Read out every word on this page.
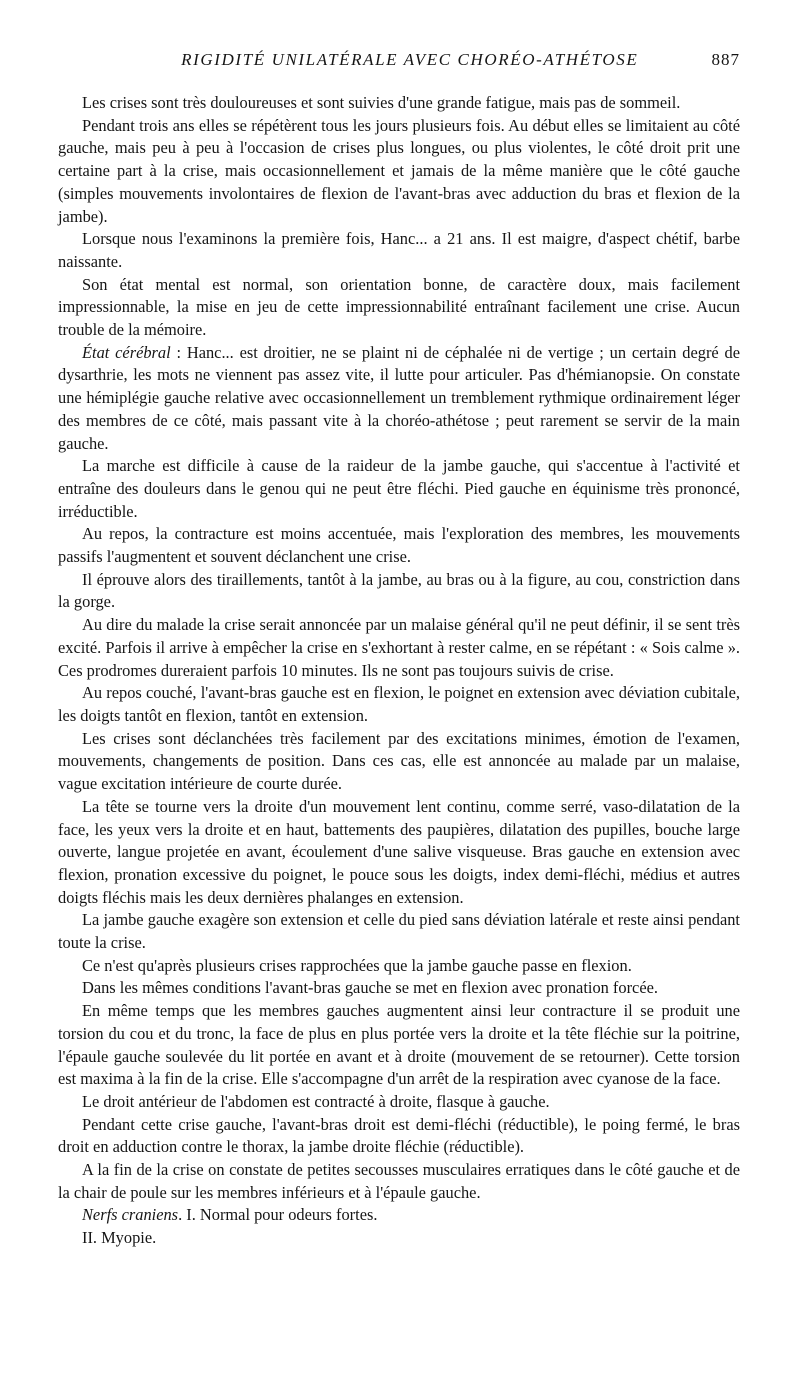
RIGIDITÉ UNILATÉRALE AVEC CHORÉO-ATHÉTOSE	887

Les crises sont très douloureuses et sont suivies d'une grande fatigue, mais pas de sommeil.

Pendant trois ans elles se répétèrent tous les jours plusieurs fois. Au début elles se limitaient au côté gauche, mais peu à peu à l'occasion de crises plus longues, ou plus violentes, le côté droit prit une certaine part à la crise, mais occasionnellement et jamais de la même manière que le côté gauche (simples mouvements involontaires de flexion de l'avant-bras avec adduction du bras et flexion de la jambe).

Lorsque nous l'examinons la première fois, Hanc... a 21 ans. Il est maigre, d'aspect chétif, barbe naissante.

Son état mental est normal, son orientation bonne, de caractère doux, mais facilement impressionnable, la mise en jeu de cette impressionnabilité entraînant facilement une crise. Aucun trouble de la mémoire.

État cérébral : Hanc... est droitier, ne se plaint ni de céphalée ni de vertige ; un certain degré de dysarthrie, les mots ne viennent pas assez vite, il lutte pour articuler. Pas d'hémianopsie. On constate une hémiplégie gauche relative avec occasionnellement un tremblement rythmique ordinairement léger des membres de ce côté, mais passant vite à la choréo-athétose ; peut rarement se servir de la main gauche.

La marche est difficile à cause de la raideur de la jambe gauche, qui s'accentue à l'activité et entraîne des douleurs dans le genou qui ne peut être fléchi. Pied gauche en équinisme très prononcé, irréductible.

Au repos, la contracture est moins accentuée, mais l'exploration des membres, les mouvements passifs l'augmentent et souvent déclanchent une crise.

Il éprouve alors des tiraillements, tantôt à la jambe, au bras ou à la figure, au cou, constriction dans la gorge.

Au dire du malade la crise serait annoncée par un malaise général qu'il ne peut définir, il se sent très excité. Parfois il arrive à empêcher la crise en s'exhortant à rester calme, en se répétant : « Sois calme ». Ces prodromes dureraient parfois 10 minutes. Ils ne sont pas toujours suivis de crise.

Au repos couché, l'avant-bras gauche est en flexion, le poignet en extension avec déviation cubitale, les doigts tantôt en flexion, tantôt en extension.

Les crises sont déclanchées très facilement par des excitations minimes, émotion de l'examen, mouvements, changements de position. Dans ces cas, elle est annoncée au malade par un malaise, vague excitation intérieure de courte durée.

La tête se tourne vers la droite d'un mouvement lent continu, comme serré, vaso-dilatation de la face, les yeux vers la droite et en haut, battements des paupières, dilatation des pupilles, bouche large ouverte, langue projetée en avant, écoulement d'une salive visqueuse. Bras gauche en extension avec flexion, pronation excessive du poignet, le pouce sous les doigts, index demi-fléchi, médius et autres doigts fléchis mais les deux dernières phalanges en extension.

La jambe gauche exagère son extension et celle du pied sans déviation latérale et reste ainsi pendant toute la crise.

Ce n'est qu'après plusieurs crises rapprochées que la jambe gauche passe en flexion.

Dans les mêmes conditions l'avant-bras gauche se met en flexion avec pronation forcée.

En même temps que les membres gauches augmentent ainsi leur contracture il se produit une torsion du cou et du tronc, la face de plus en plus portée vers la droite et la tête fléchie sur la poitrine, l'épaule gauche soulevée du lit portée en avant et à droite (mouvement de se retourner). Cette torsion est maxima à la fin de la crise. Elle s'accompagne d'un arrêt de la respiration avec cyanose de la face.

Le droit antérieur de l'abdomen est contracté à droite, flasque à gauche.

Pendant cette crise gauche, l'avant-bras droit est demi-fléchi (réductible), le poing fermé, le bras droit en adduction contre le thorax, la jambe droite fléchie (réductible).

A la fin de la crise on constate de petites secousses musculaires erratiques dans le côté gauche et de la chair de poule sur les membres inférieurs et à l'épaule gauche.

Nerfs craniens. I. Normal pour odeurs fortes.

II. Myopie.
